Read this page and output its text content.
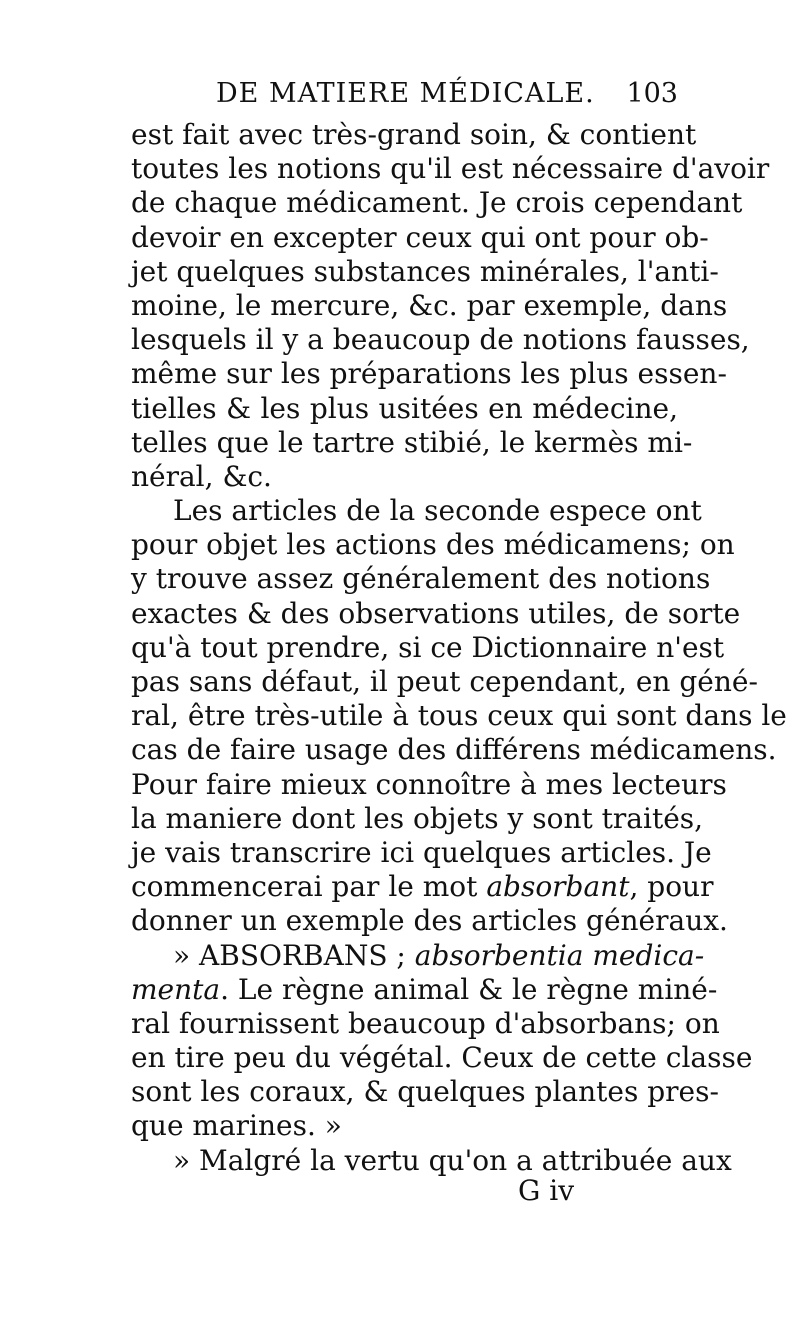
DE MATIERE MÉDICALE. 103
est fait avec très-grand soin, & contient
toutes les notions qu'il est nécessaire d'avoir
de chaque médicament. Je crois cependant
devoir en excepter ceux qui ont pour ob-
jet quelques substances minérales, l'anti-
moine, le mercure, &c. par exemple, dans
lesquels il y a beaucoup de notions fausses,
même sur les préparations les plus essen-
tielles & les plus usitées en médecine,
telles que le tartre stibié, le kermès mi-
néral, &c.
Les articles de la seconde espece ont
pour objet les actions des médicamens; on
y trouve assez généralement des notions
exactes & des observations utiles, de sorte
qu'à tout prendre, si ce Dictionnaire n'est
pas sans défaut, il peut cependant, en géné-
ral, être très-utile à tous ceux qui sont dans le
cas de faire usage des différens médicamens.
Pour faire mieux connoître à mes lecteurs
la maniere dont les objets y sont traités,
je vais transcrire ici quelques articles. Je
commencerai par le mot absorbant, pour
donner un exemple des articles généraux.
» ABSORBANS ; absorbentia medica-
menta. Le règne animal & le règne miné-
ral fournissent beaucoup d'absorbans; on
en tire peu du végétal. Ceux de cette classe
sont les coraux, & quelques plantes pres-
que marines. »
» Malgré la vertu qu'on a attribuée aux
G iv
